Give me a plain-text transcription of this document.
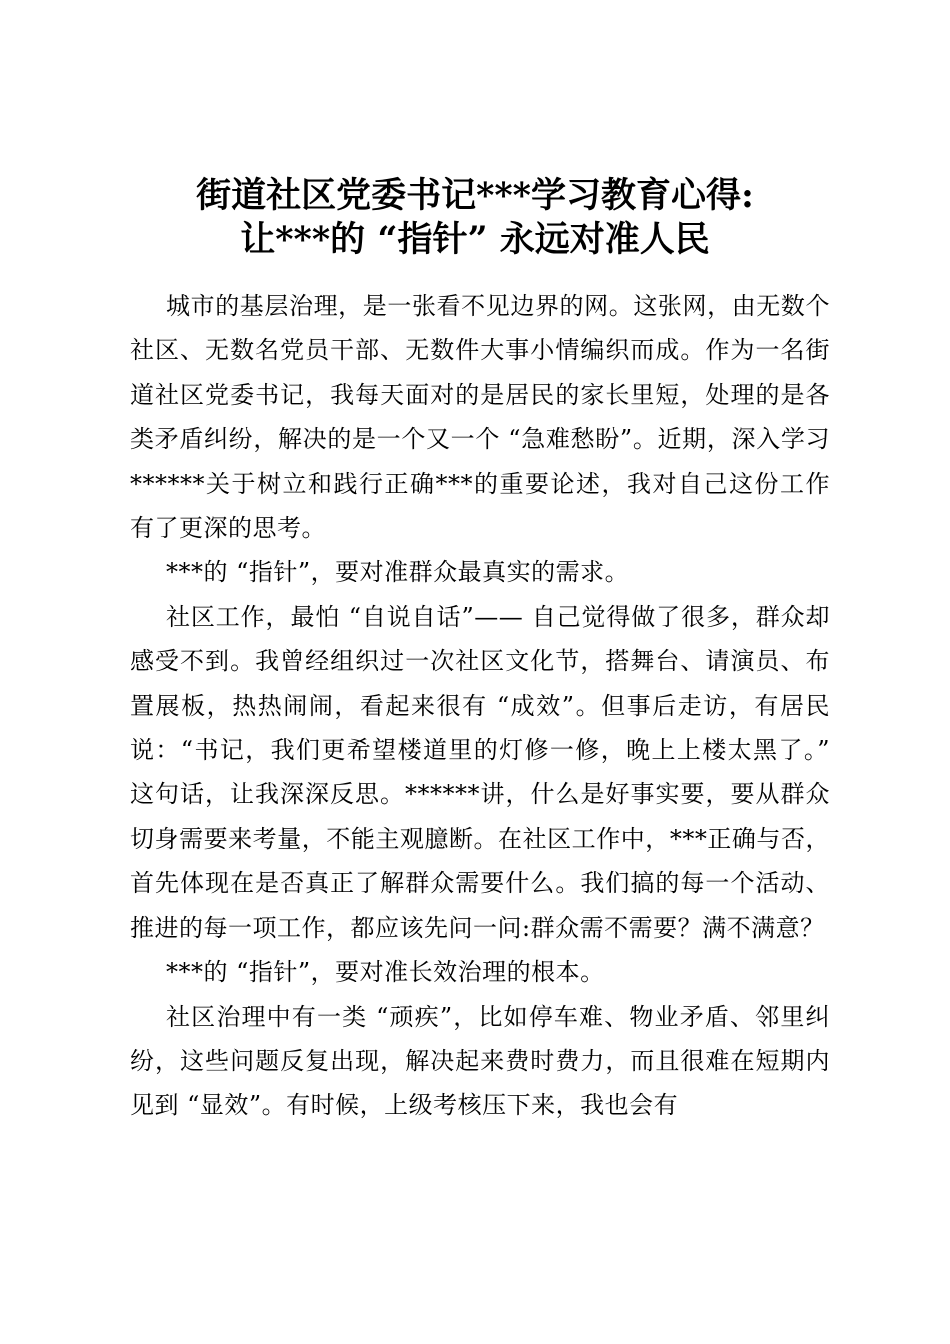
街道社区党委书记***学习教育心得:
让***的 “指针” 永远对准人民

城市的基层治理，是一张看不见边界的网。这张网，由无数个社区、无数名党员干部、无数件大事小情编织而成。作为一名街道社区党委书记，我每天面对的是居民的家长里短，处理的是各类矛盾纠纷，解决的是一个又一个 “急难愁盼”。近期，深入学习******关于树立和践行正确***的重要论述，我对自己这份工作有了更深的思考。

***的 “指针”，要对准群众最真实的需求。

社区工作，最怕 “自说自话”—— 自己觉得做了很多，群众却感受不到。我曾经组织过一次社区文化节，搭舞台、请演员、布置展板，热热闹闹，看起来很有 “成效”。但事后走访，有居民说：“书记，我们更希望楼道里的灯修一修，晚上上楼太黑了。” 这句话，让我深深反思。******讲，什么是好事实要，要从群众切身需要来考量，不能主观臆断。在社区工作中，***正确与否，首先体现在是否真正了解群众需要什么。我们搞的每一个活动、推进的每一项工作，都应该先问一问:群众需不需要？满不满意？

***的 “指针”，要对准长效治理的根本。

社区治理中有一类 “顽疾”，比如停车难、物业矛盾、邻里纠纷，这些问题反复出现，解决起来费时费力，而且很难在短期内见到 “显效”。有时候，上级考核压下来，我也会有
